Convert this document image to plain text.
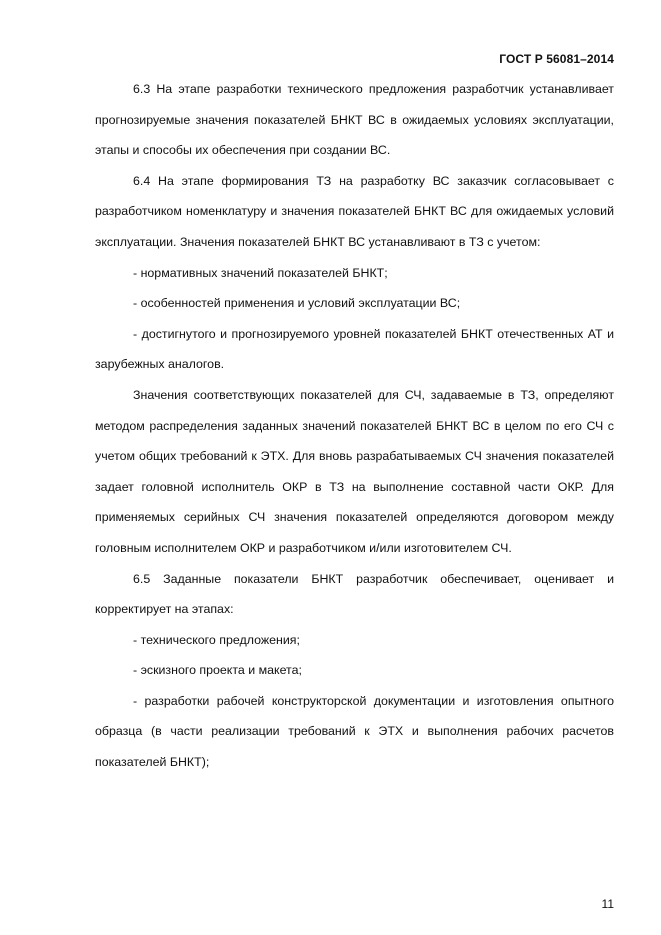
ГОСТ Р 56081–2014

6.3 На этапе разработки технического предложения разработчик устанавливает прогнозируемые значения показателей БНКТ ВС в ожидаемых условиях эксплуатации, этапы и способы их обеспечения при создании ВС.

6.4 На этапе формирования ТЗ на разработку ВС заказчик согласовывает с разработчиком номенклатуру и значения показателей БНКТ ВС для ожидаемых условий эксплуатации. Значения показателей БНКТ ВС устанавливают в ТЗ с учетом:

- нормативных значений показателей БНКТ;

- особенностей применения и условий эксплуатации ВС;

- достигнутого и прогнозируемого уровней показателей БНКТ отечественных АТ и зарубежных аналогов.

Значения соответствующих показателей для СЧ, задаваемые в ТЗ, определяют методом распределения заданных значений показателей БНКТ ВС в целом по его СЧ с учетом общих требований к ЭТХ. Для вновь разрабатываемых СЧ значения показателей задает головной исполнитель ОКР в ТЗ на выполнение составной части ОКР. Для применяемых серийных СЧ значения показателей определяются договором между головным исполнителем ОКР и разработчиком и/или изготовителем СЧ.

6.5 Заданные показатели БНКТ разработчик обеспечивает, оценивает и корректирует на этапах:

- технического предложения;

- эскизного проекта и макета;

- разработки рабочей конструкторской документации и изготовления опытного образца (в части реализации требований к ЭТХ и выполнения рабочих расчетов показателей БНКТ);

11
